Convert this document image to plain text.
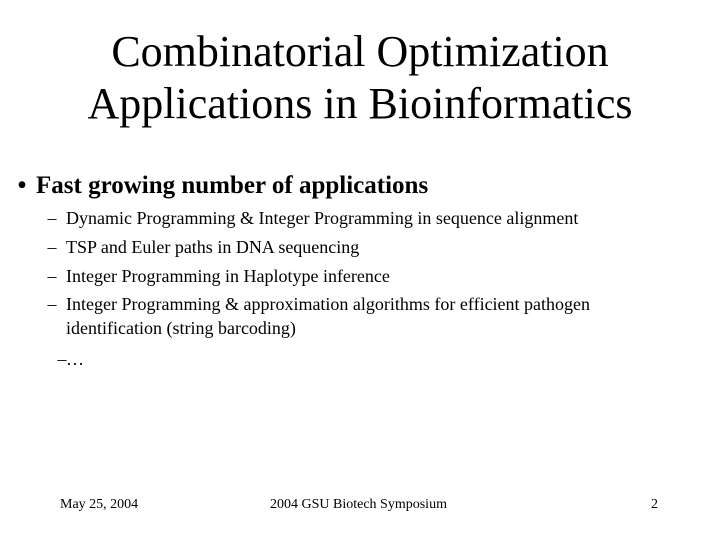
Combinatorial Optimization
Applications in Bioinformatics
• Fast growing number of applications
– Dynamic Programming & Integer Programming in sequence alignment
– TSP and Euler paths in DNA sequencing
– Integer Programming in Haplotype inference
– Integer Programming & approximation algorithms for efficient pathogen
identification (string barcoding)
– …
May 25, 2004	2004 GSU Biotech Symposium	2
